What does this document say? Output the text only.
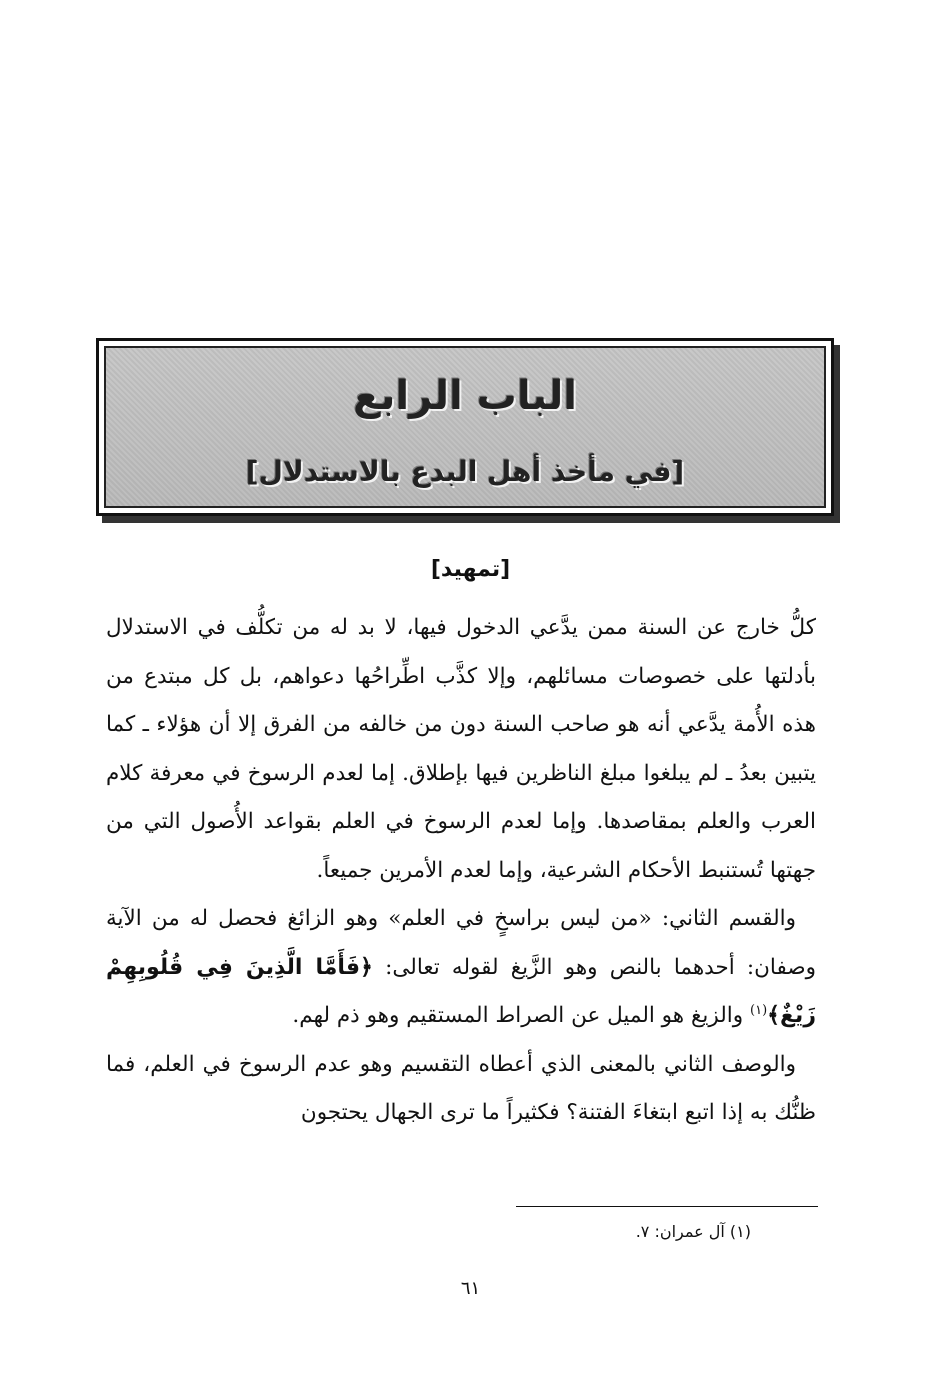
الباب الرابع
[في مأخذ أهل البدع بالاستدلال]
[تمهيد]

كلُّ خارج عن السنة ممن يدَّعي الدخول فيها، لا بد له من تكلُّف في الاستدلال بأدلتها على خصوصات مسائلهم، وإلا كذَّب اطِّراحُها دعواهم، بل كل مبتدع من هذه الأُمة يدَّعي أنه هو صاحب السنة دون من خالفه من الفرق إلا أن هؤلاء ـ كما يتبين بعدُ ـ لم يبلغوا مبلغ الناظرين فيها بإطلاق. إما لعدم الرسوخ في معرفة كلام العرب والعلم بمقاصدها. وإما لعدم الرسوخ في العلم بقواعد الأُصول التي من جهتها تُستنبط الأحكام الشرعية، وإما لعدم الأمرين جميعاً.

والقسم الثاني: «من ليس براسخٍ في العلم» وهو الزائغ فحصل له من الآية وصفان: أحدهما بالنص وهو الزَّيغ لقوله تعالى: ﴿فَأَمَّا الَّذِينَ فِي قُلُوبِهِمْ زَيْغٌ﴾$^{(١)}$ والزيغ هو الميل عن الصراط المستقيم وهو ذم لهم.

والوصف الثاني بالمعنى الذي أعطاه التقسيم وهو عدم الرسوخ في العلم، فما ظنُّك به إذا اتبع ابتغاءَ الفتنة؟ فكثيراً ما ترى الجهال يحتجون

(١) آل عمران: ٧.
٦١
